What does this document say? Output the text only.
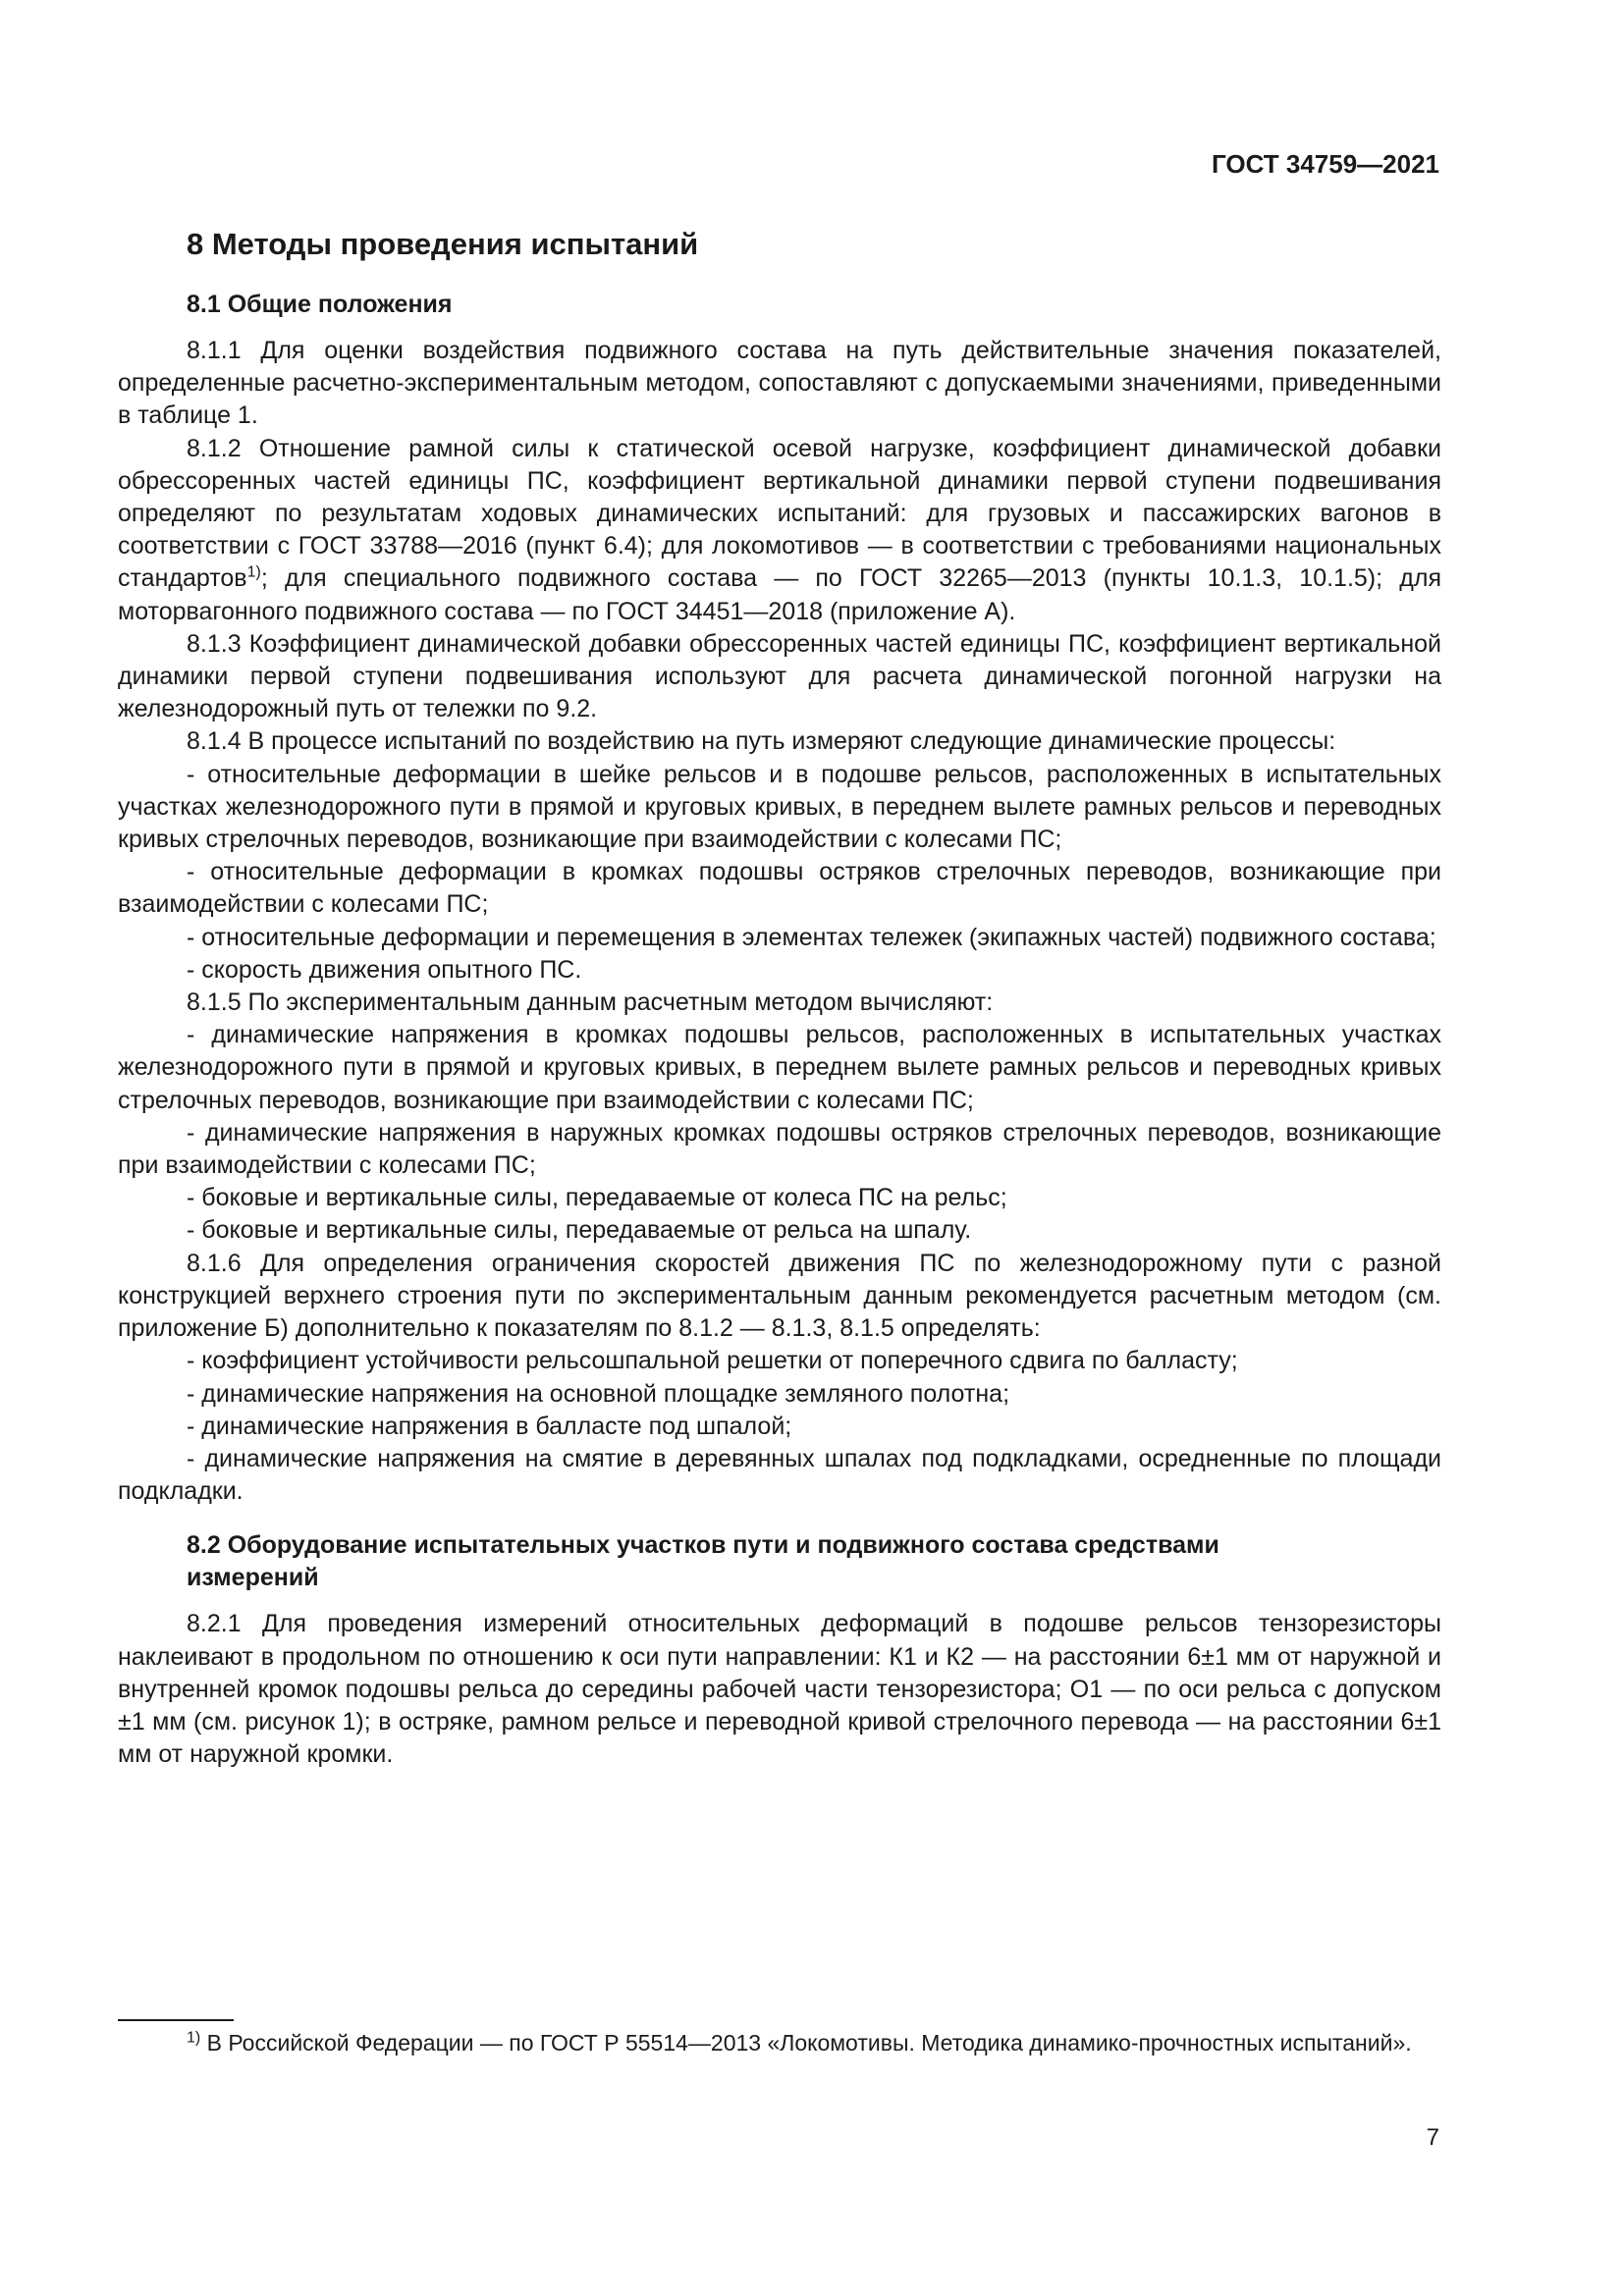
ГОСТ 34759—2021

8 Методы проведения испытаний
8.1 Общие положения

8.1.1 Для оценки воздействия подвижного состава на путь действительные значения показателей, определенные расчетно-экспериментальным методом, сопоставляют с допускаемыми значениями, приведенными в таблице 1.

8.1.2 Отношение рамной силы к статической осевой нагрузке, коэффициент динамической добавки обрессоренных частей единицы ПС, коэффициент вертикальной динамики первой ступени подвешивания определяют по результатам ходовых динамических испытаний: для грузовых и пассажирских вагонов в соответствии с ГОСТ 33788—2016 (пункт 6.4); для локомотивов — в соответствии с требованиями национальных стандартов$^{1)}$; для специального подвижного состава — по ГОСТ 32265—2013 (пункты 10.1.3, 10.1.5); для моторвагонного подвижного состава — по ГОСТ 34451—2018 (приложение А).

8.1.3 Коэффициент динамической добавки обрессоренных частей единицы ПС, коэффициент вертикальной динамики первой ступени подвешивания используют для расчета динамической погонной нагрузки на железнодорожный путь от тележки по 9.2.

8.1.4 В процессе испытаний по воздействию на путь измеряют следующие динамические процессы:

- относительные деформации в шейке рельсов и в подошве рельсов, расположенных в испытательных участках железнодорожного пути в прямой и круговых кривых, в переднем вылете рамных рельсов и переводных кривых стрелочных переводов, возникающие при взаимодействии с колесами ПС;

- относительные деформации в кромках подошвы остряков стрелочных переводов, возникающие при взаимодействии с колесами ПС;

- относительные деформации и перемещения в элементах тележек (экипажных частей) подвижного состава;

- скорость движения опытного ПС.

8.1.5 По экспериментальным данным расчетным методом вычисляют:

- динамические напряжения в кромках подошвы рельсов, расположенных в испытательных участках железнодорожного пути в прямой и круговых кривых, в переднем вылете рамных рельсов и переводных кривых стрелочных переводов, возникающие при взаимодействии с колесами ПС;

- динамические напряжения в наружных кромках подошвы остряков стрелочных переводов, возникающие при взаимодействии с колесами ПС;

- боковые и вертикальные силы, передаваемые от колеса ПС на рельс;

- боковые и вертикальные силы, передаваемые от рельса на шпалу.

8.1.6 Для определения ограничения скоростей движения ПС по железнодорожному пути с разной конструкцией верхнего строения пути по экспериментальным данным рекомендуется расчетным методом (см. приложение Б) дополнительно к показателям по 8.1.2 — 8.1.3, 8.1.5 определять:

- коэффициент устойчивости рельсошпальной решетки от поперечного сдвига по балласту;

- динамические напряжения на основной площадке земляного полотна;

- динамические напряжения в балласте под шпалой;

- динамические напряжения на смятие в деревянных шпалах под подкладками, осредненные по площади подкладки.

8.2 Оборудование испытательных участков пути и подвижного состава средствами измерений

8.2.1 Для проведения измерений относительных деформаций в подошве рельсов тензорезисторы наклеивают в продольном по отношению к оси пути направлении: К1 и К2 — на расстоянии 6±1 мм от наружной и внутренней кромок подошвы рельса до середины рабочей части тензорезистора; О1 — по оси рельса с допуском ±1 мм (см. рисунок 1); в остряке, рамном рельсе и переводной кривой стрелочного перевода — на расстоянии 6±1 мм от наружной кромки.

$^{1)}$ В Российской Федерации — по ГОСТ Р 55514—2013 «Локомотивы. Методика динамико-прочностных испытаний».

7
